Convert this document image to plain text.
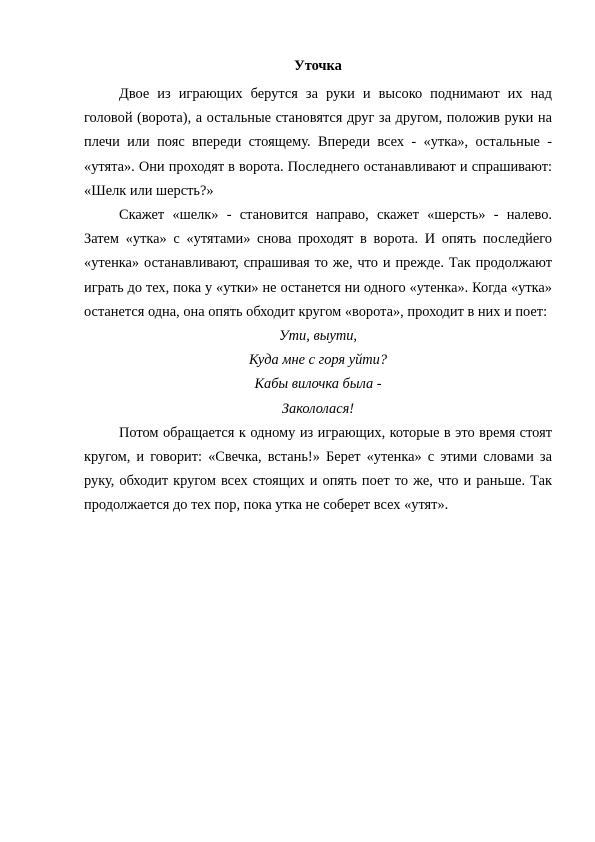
Уточка

Двое из играющих берутся за руки и высоко поднимают их над головой (ворота), а остальные становятся друг за другом, положив руки на плечи или пояс впереди стоящему. Впереди всех - «утка», остальные - «утята». Они проходят в ворота. Последнего останавливают и спрашивают: «Шелк или шерсть?»

Скажет «шелк» - становится направо, скажет «шерсть» - налево. Затем «утка» с «утятами» снова проходят в ворота. И опять последйего «утенка» останавливают, спрашивая то же, что и прежде. Так продолжают играть до тех, пока у «утки» не останется ни одного «утенка». Когда «утка» останется одна, она опять обходит кругом «ворота», проходит в них и поет:

Ути, выути,

Куда мне с горя уйти?

Кабы вилочка была -

Закололасяǃ

Потом обращается к одному из играющих, которые в это время стоят кругом, и говорит: «Свечка, встань!» Берет «утенка» с этими словами за руку, обходит кругом всех стоящих и опять поет то же, что и раньше. Так продолжается до тех пор, пока утка не соберет всех «утят».
